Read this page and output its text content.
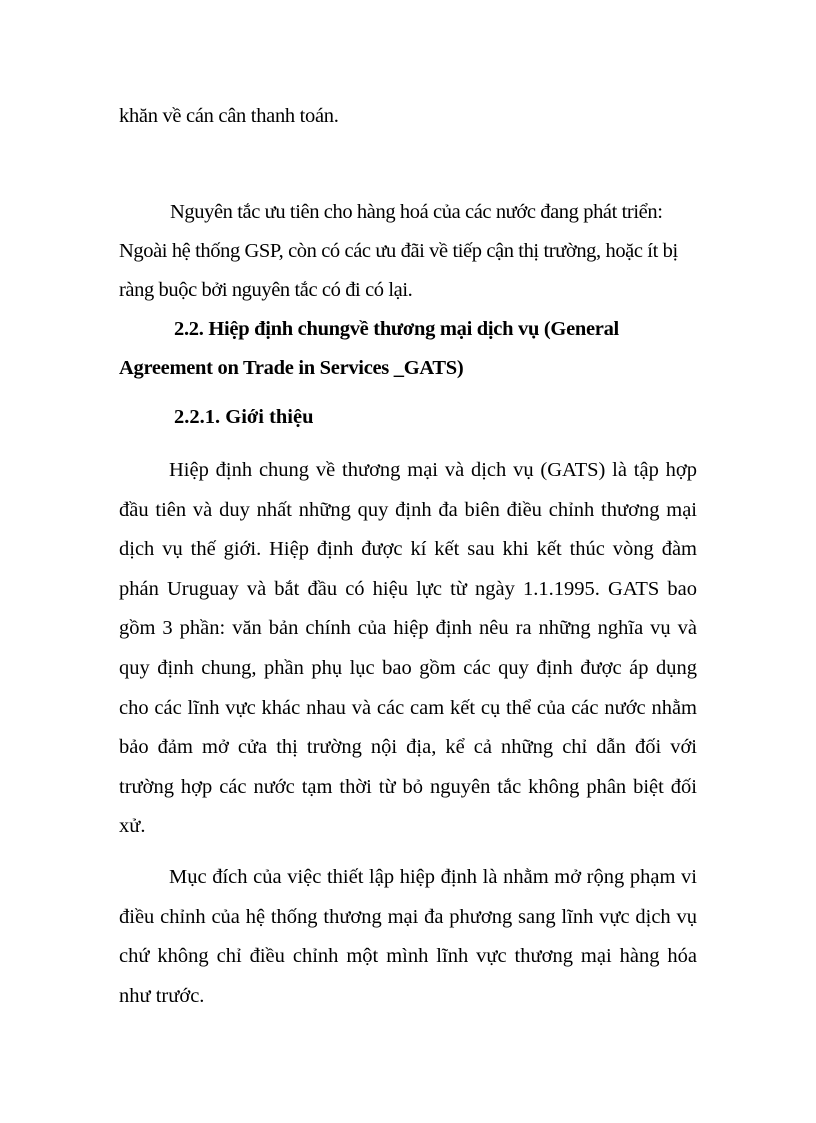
khăn về cán cân thanh toán.

Nguyên tắc ưu tiên cho hàng hoá của các nước đang phát triển: Ngoài hệ thống GSP, còn có các ưu đãi về tiếp cận thị trường, hoặc ít bị ràng buộc bởi nguyên tắc có đi có lại.

2.2. Hiệp định chungvề thương mại dịch vụ (General Agreement on Trade in Services _GATS)

2.2.1. Giới thiệu

Hiệp định chung về thương mại và dịch vụ (GATS) là tập hợp đầu tiên và duy nhất những quy định đa biên điều chỉnh thương mại dịch vụ thế giới. Hiệp định được kí kết sau khi kết thúc vòng đàm phán Uruguay và bắt đầu có hiệu lực từ ngày 1.1.1995. GATS bao gồm 3 phần: văn bản chính của hiệp định nêu ra những nghĩa vụ và quy định chung, phần phụ lục bao gồm các quy định được áp dụng cho các lĩnh vực khác nhau và các cam kết cụ thể của các nước nhằm bảo đảm mở cửa thị trường nội địa, kể cả những chỉ dẫn đối với trường hợp các nước tạm thời từ bỏ nguyên tắc không phân biệt đối xử.

Mục đích của việc thiết lập hiệp định là nhằm mở rộng phạm vi điều chỉnh của hệ thống thương mại đa phương sang lĩnh vực dịch vụ chứ không chỉ điều chỉnh một mình lĩnh vực thương mại hàng hóa như trước.
